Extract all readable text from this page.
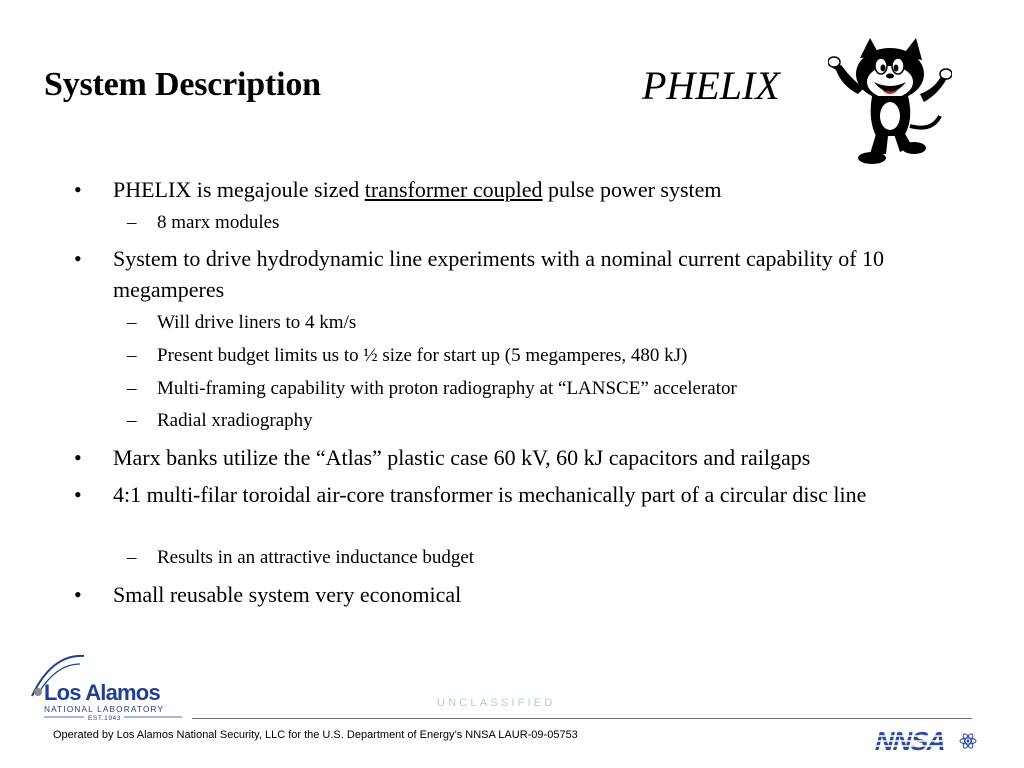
System Description	PHELIX
• PHELIX is megajoule sized transformer coupled pulse power system
– 8 marx modules
• System to drive hydrodynamic line experiments with a nominal current capability of 10 megamperes
– Will drive liners to 4 km/s
– Present budget limits us to ½ size for start up (5 megamperes, 480 kJ)
– Multi-framing capability with proton radiography at “LANSCE” accelerator
– Radial xradiography
• Marx banks utilize the “Atlas” plastic case 60 kV, 60 kJ capacitors and railgaps
• 4:1 multi-filar toroidal air-core transformer is mechanically part of a circular disc line
– Results in an attractive inductance budget
• Small reusable system very economical
Los Alamos
NATIONAL LABORATORY
EST.1943
UNCLASSIFIED
Operated by Los Alamos National Security, LLC for the U.S. Department of Energy’s NNSA LAUR-09-05753	NNSA
